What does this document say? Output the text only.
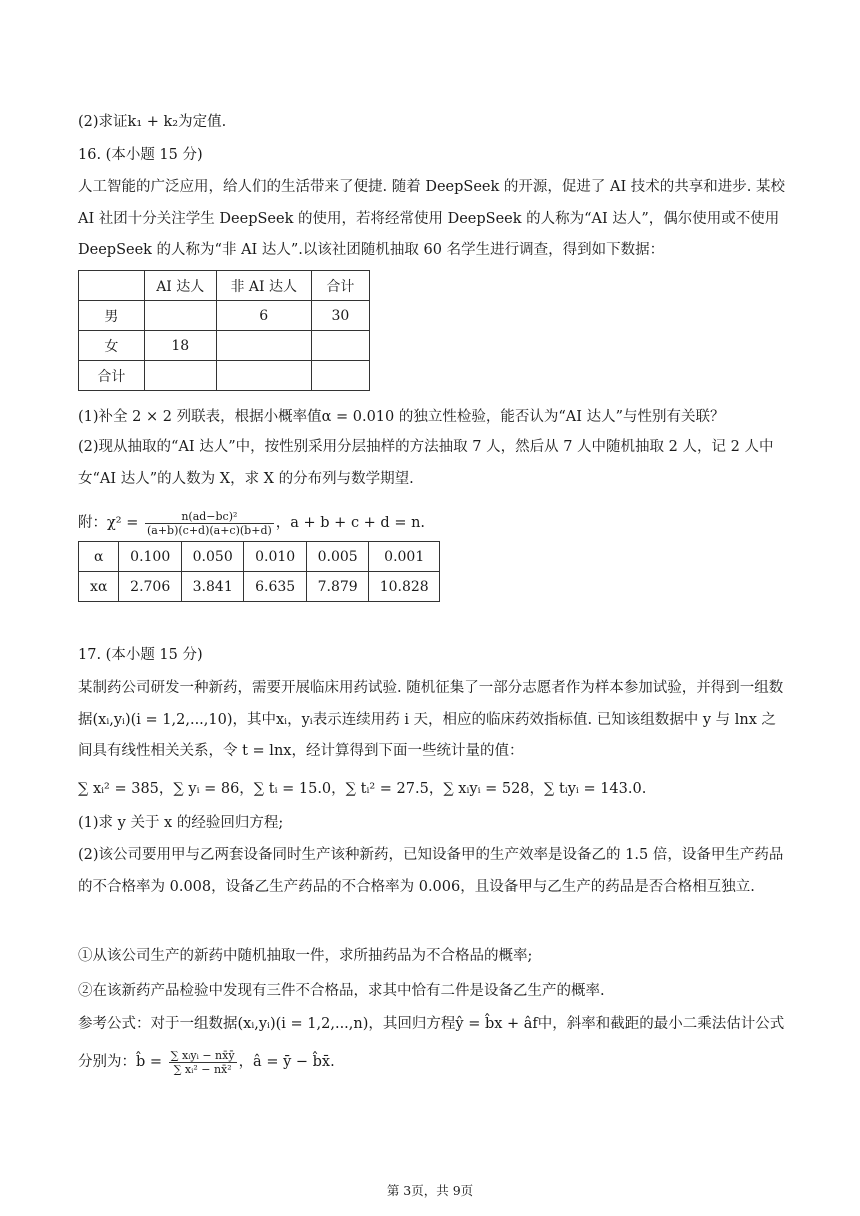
(2)求证k₁ + k₂为定值.
16. (本小题 15 分)
人工智能的广泛应用，给人们的生活带来了便捷. 随着 DeepSeek 的开源，促进了 AI 技术的共享和进步. 某校 AI 社团十分关注学生 DeepSeek 的使用，若将经常使用 DeepSeek 的人称为“AI 达人”，偶尔使用或不使用 DeepSeek 的人称为“非 AI 达人”.以该社团随机抽取 60 名学生进行调查，得到如下数据：
	AI 达人	非 AI 达人	合计
男		6	30
女	18		
合计			
(1)补全 2 × 2 列联表，根据小概率值α = 0.010 的独立性检验，能否认为“AI 达人”与性别有关联？
(2)现从抽取的“AI 达人”中，按性别采用分层抽样的方法抽取 7 人，然后从 7 人中随机抽取 2 人，记 2 人中女“AI 达人”的人数为 X，求 X 的分布列与数学期望.
附：$\chi^2 = \frac{\text{n(ad−bc)²}}{(a+b)(c+d)(a+c)(b+d)}$ ，a + b + c + d = n.
α	0.100	0.050	0.010	0.005	0.001
xα	2.706	3.841	6.635	7.879	10.828
17. (本小题 15 分)
某制药公司研发一种新药，需要开展临床用药试验. 随机征集了一部分志愿者作为样本参加试验，并得到一组数据(xᵢ,yᵢ)(i = 1,2,...,10)，其中xᵢ，yᵢ表示连续用药 i 天，相应的临床药效指标值. 已知该组数据中 y 与 lnx 之间具有线性相关关系，令 t = lnx，经计算得到下面一些统计量的值：
∑ xᵢ² = 385，∑ yᵢ = 86，∑ tᵢ = 15.0，∑ tᵢ² = 27.5，∑ xᵢyᵢ = 528，∑ tᵢyᵢ = 143.0.
(1)求 y 关于 x 的经验回归方程;
(2)该公司要用甲与乙两套设备同时生产该种新药，已知设备甲的生产效率是设备乙的 1.5 倍，设备甲生产药品的不合格率为 0.008，设备乙生产药品的不合格率为 0.006，且设备甲与乙生产的药品是否合格相互独立.
①从该公司生产的新药中随机抽取一件，求所抽药品为不合格品的概率;
②在该新药产品检验中发现有三件不合格品，求其中恰有二件是设备乙生产的概率.
参考公式：对于一组数据(xᵢ,yᵢ)(i = 1,2,...,n)，其回归方程ŷ = b̂x + âf中，斜率和截距的最小二乘法估计公式
分别为：b̂ = $\frac{\text{∑ xᵢyᵢ − nx̄ȳ}}{\text{∑ xᵢ² − nx̄²}}$ ，â = ȳ − b̂x̄.
第 3页，共 9页
